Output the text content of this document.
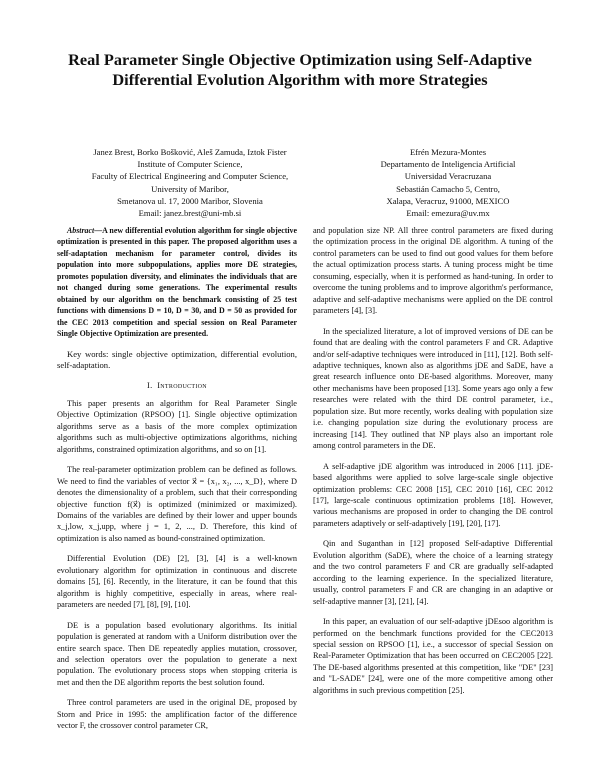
Real Parameter Single Objective Optimization using Self-Adaptive Differential Evolution Algorithm with more Strategies
Janez Brest, Borko Bošković, Aleš Zamuda, Iztok Fister
Institute of Computer Science,
Faculty of Electrical Engineering and Computer Science,
University of Maribor,
Smetanova ul. 17, 2000 Maribor, Slovenia
Email: janez.brest@uni-mb.si
Efrén Mezura-Montes
Departamento de Inteligencia Artificial
Universidad Veracruzana
Sebastián Camacho 5, Centro,
Xalapa, Veracruz, 91000, MEXICO
Email: emezura@uv.mx

Abstract—A new differential evolution algorithm for single objective optimization is presented in this paper. The proposed algorithm uses a self-adaptation mechanism for parameter control, divides its population into more subpopulations, applies more DE strategies, promotes population diversity, and eliminates the individuals that are not changed during some generations. The experimental results obtained by our algorithm on the benchmark consisting of 25 test functions with dimensions D = 10, D = 30, and D = 50 as provided for the CEC 2013 competition and special session on Real Parameter Single Objective Optimization are presented.

Key words: single objective optimization, differential evolution, self-adaptation.

I. Introduction

This paper presents an algorithm for Real Parameter Single Objective Optimization (RPSOO) [1]. Single objective optimization algorithms serve as a basis of the more complex optimization algorithms such as multi-objective optimizations algorithms, niching algorithms, constrained optimization algorithms, and so on [1].

The real-parameter optimization problem can be defined as follows. We need to find the variables of vector x⃗ = {x₁, x₂, ..., x_D}, where D denotes the dimensionality of a problem, such that their corresponding objective function f(x⃗) is optimized (minimized or maximized). Domains of the variables are defined by their lower and upper bounds x_j,low, x_j,upp, where j = 1, 2, ..., D. Therefore, this kind of optimization is also named as bound-constrained optimization.

Differential Evolution (DE) [2], [3], [4] is a well-known evolutionary algorithm for optimization in continuous and discrete domains [5], [6]. Recently, in the literature, it can be found that this algorithm is highly competitive, especially in areas, where real-parameters are needed [7], [8], [9], [10].

DE is a population based evolutionary algorithms. Its initial population is generated at random with a Uniform distribution over the entire search space. Then DE repeatedly applies mutation, crossover, and selection operators over the population to generate a next population. The evolutionary process stops when stopping criteria is met and then the DE algorithm reports the best solution found.

Three control parameters are used in the original DE, proposed by Storn and Price in 1995: the amplification factor of the difference vector F, the crossover control parameter CR,

and population size NP. All three control parameters are fixed during the optimization process in the original DE algorithm. A tuning of the control parameters can be used to find out good values for them before the actual optimization process starts. A tuning process might be time consuming, especially, when it is performed as hand-tuning. In order to overcome the tuning problems and to improve algorithm's performance, adaptive and self-adaptive mechanisms were applied on the DE control parameters [4], [3].

In the specialized literature, a lot of improved versions of DE can be found that are dealing with the control parameters F and CR. Adaptive and/or self-adaptive techniques were introduced in [11], [12]. Both self-adaptive techniques, known also as algorithms jDE and SaDE, have a great research influence onto DE-based algorithms. Moreover, many other mechanisms have been proposed [13]. Some years ago only a few researches were related with the third DE control parameter, i.e., population size. But more recently, works dealing with population size i.e. changing population size during the evolutionary process are increasing [14]. They outlined that NP plays also an important role among control parameters in the DE.

A self-adaptive jDE algorithm was introduced in 2006 [11]. jDE-based algorithms were applied to solve large-scale single objective optimization problems: CEC 2008 [15], CEC 2010 [16], CEC 2012 [17], large-scale continuous optimization problems [18]. However, various mechanisms are proposed in order to changing the DE control parameters adaptively or self-adaptively [19], [20], [17].

Qin and Suganthan in [12] proposed Self-adaptive Differential Evolution algorithm (SaDE), where the choice of a learning strategy and the two control parameters F and CR are gradually self-adapted according to the learning experience. In the specialized literature, usually, control parameters F and CR are changing in an adaptive or self-adaptive manner [3], [21], [4].

In this paper, an evaluation of our self-adaptive jDEsoo algorithm is performed on the benchmark functions provided for the CEC2013 special session on RPSOO [1], i.e., a successor of special Session on Real-Parameter Optimization that has been occurred on CEC2005 [22]. The DE-based algorithms presented at this competition, like "DE" [23] and "L-SADE" [24], were one of the more competitive among other algorithms in such previous competition [25].
